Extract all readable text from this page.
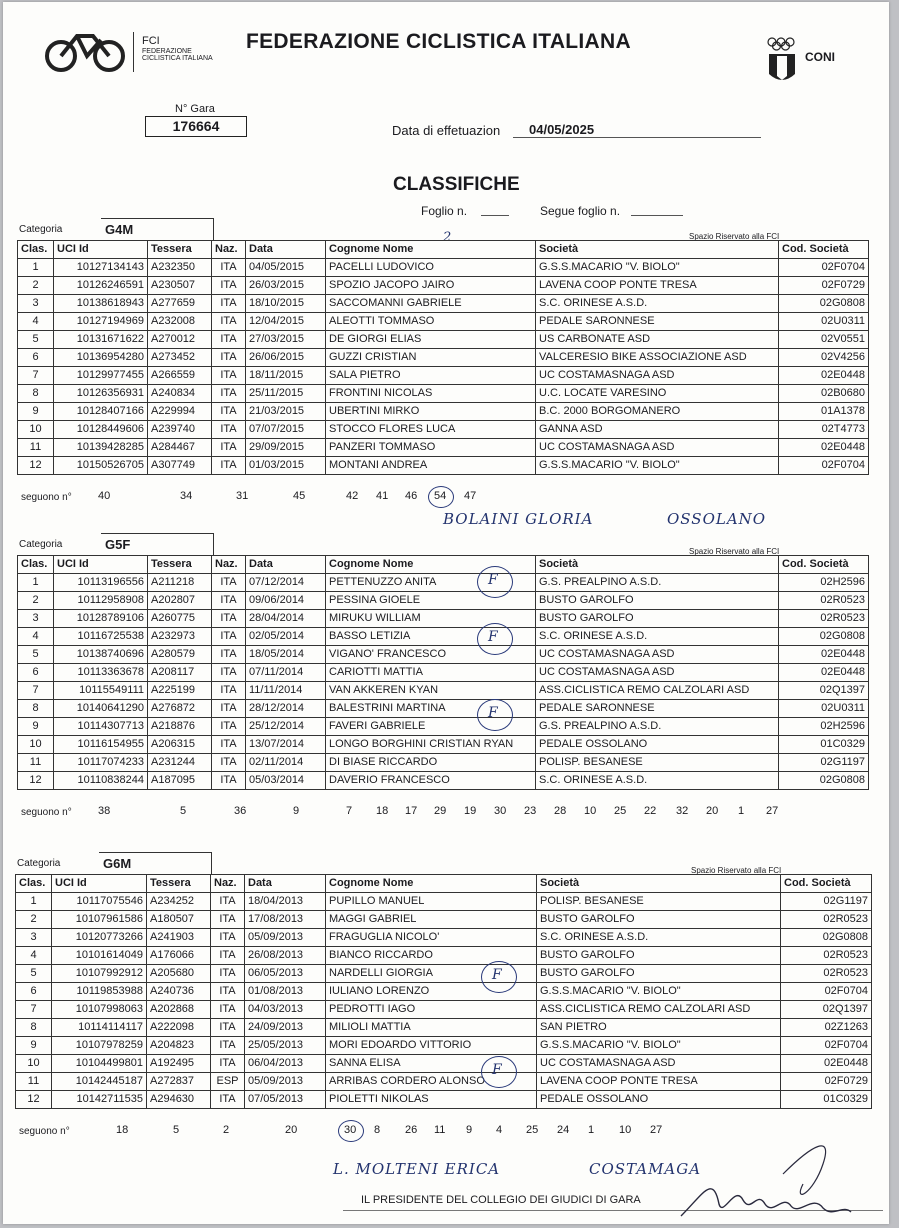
FCI
FEDERAZIONE CICLISTICA ITALIANA
FEDERAZIONE CICLISTICA ITALIANA
CONI
N° Gara
176664	Data di effetuazion	04/05/2025
CLASSIFICHE
Foglio n.	Segue foglio n.
2
Categoria	G4M	Spazio Riservato alla FCI
Clas.	UCI Id	Tessera	Naz.	Data	Cognome Nome	Società	Cod. Società
1	10127134143	A232350	ITA	04/05/2015	PACELLI LUDOVICO	G.S.S.MACARIO "V. BIOLO"	02F0704
2	10126246591	A230507	ITA	26/03/2015	SPOZIO JACOPO JAIRO	LAVENA COOP PONTE TRESA	02F0729
3	10138618943	A277659	ITA	18/10/2015	SACCOMANNI GABRIELE	S.C. ORINESE A.S.D.	02G0808
4	10127194969	A232008	ITA	12/04/2015	ALEOTTI TOMMASO	PEDALE SARONNESE	02U0311
5	10131671622	A270012	ITA	27/03/2015	DE GIORGI ELIAS	US CARBONATE ASD	02V0551
6	10136954280	A273452	ITA	26/06/2015	GUZZI CRISTIAN	VALCERESIO BIKE ASSOCIAZIONE ASD	02V4256
7	10129977455	A266559	ITA	18/11/2015	SALA PIETRO	UC COSTAMASNAGA ASD	02E0448
8	10126356931	A240834	ITA	25/11/2015	FRONTINI NICOLAS	U.C. LOCATE VARESINO	02B0680
9	10128407166	A229994	ITA	21/03/2015	UBERTINI MIRKO	B.C. 2000 BORGOMANERO	01A1378
10	10128449606	A239740	ITA	07/07/2015	STOCCO FLORES LUCA	GANNA ASD	02T4773
11	10139428285	A284467	ITA	29/09/2015	PANZERI TOMMASO	UC COSTAMASNAGA ASD	02E0448
12	10150526705	A307749	ITA	01/03/2015	MONTANI ANDREA	G.S.S.MACARIO "V. BIOLO"	02F0704
seguono n° 40	34	31	45	42 41 46 54 47
BOLAINI GLORIA	OSSOLANO
Categoria	G5F	Spazio Riservato alla FCI
Clas.	UCI Id	Tessera	Naz.	Data	Cognome Nome	Società	Cod. Società
1	10113196556	A211218	ITA	07/12/2014	PETTENUZZO ANITA	G.S. PREALPINO A.S.D.	02H2596
2	10112958908	A202807	ITA	09/06/2014	PESSINA GIOELE	BUSTO GAROLFO	02R0523
3	10128789106	A260775	ITA	28/04/2014	MIRUKU WILLIAM	BUSTO GAROLFO	02R0523
4	10116725538	A232973	ITA	02/05/2014	BASSO LETIZIA	S.C. ORINESE A.S.D.	02G0808
5	10138740696	A280579	ITA	18/05/2014	VIGANO' FRANCESCO	UC COSTAMASNAGA ASD	02E0448
6	10113363678	A208117	ITA	07/11/2014	CARIOTTI MATTIA	UC COSTAMASNAGA ASD	02E0448
7	10115549111	A225199	ITA	11/11/2014	VAN AKKEREN KYAN	ASS.CICLISTICA REMO CALZOLARI ASD	02Q1397
8	10140641290	A276872	ITA	28/12/2014	BALESTRINI MARTINA	PEDALE SARONNESE	02U0311
9	10114307713	A218876	ITA	25/12/2014	FAVERI GABRIELE	G.S. PREALPINO A.S.D.	02H2596
10	10116154955	A206315	ITA	13/07/2014	LONGO BORGHINI CRISTIAN RYAN	PEDALE OSSOLANO	01C0329
11	10117074233	A231244	ITA	02/11/2014	DI BIASE RICCARDO	POLISP. BESANESE	02G1197
12	10110838244	A187095	ITA	05/03/2014	DAVERIO FRANCESCO	S.C. ORINESE A.S.D.	02G0808
seguono n° 38	5	36	9	7 18 17 29 19 30 23 28 10 25 22 32 20 1 27
F
F
F
Categoria	G6M	Spazio Riservato alla FCI
Clas.	UCI Id	Tessera	Naz.	Data	Cognome Nome	Società	Cod. Società
1	10117075546	A234252	ITA	18/04/2013	PUPILLO MANUEL	POLISP. BESANESE	02G1197
2	10107961586	A180507	ITA	17/08/2013	MAGGI GABRIEL	BUSTO GAROLFO	02R0523
3	10120773266	A241903	ITA	05/09/2013	FRAGUGLIA NICOLO'	S.C. ORINESE A.S.D.	02G0808
4	10101614049	A176066	ITA	26/08/2013	BIANCO RICCARDO	BUSTO GAROLFO	02R0523
5	10107992912	A205680	ITA	06/05/2013	NARDELLI GIORGIA	BUSTO GAROLFO	02R0523
6	10119853988	A240736	ITA	01/08/2013	IULIANO LORENZO	G.S.S.MACARIO "V. BIOLO"	02F0704
7	10107998063	A202868	ITA	04/03/2013	PEDROTTI IAGO	ASS.CICLISTICA REMO CALZOLARI ASD	02Q1397
8	10114114117	A222098	ITA	24/09/2013	MILIOLI MATTIA	SAN PIETRO	02Z1263
9	10107978259	A204823	ITA	25/05/2013	MORI EDOARDO VITTORIO	G.S.S.MACARIO "V. BIOLO"	02F0704
10	10104499801	A192495	ITA	06/04/2013	SANNA ELISA	UC COSTAMASNAGA ASD	02E0448
11	10142445187	A272837	ESP	05/09/2013	ARRIBAS CORDERO ALONSO	LAVENA COOP PONTE TRESA	02F0729
12	10142711535	A294630	ITA	07/05/2013	PIOLETTI NIKOLAS	PEDALE OSSOLANO	01C0329
seguono n°	18	5	2	20	30 8 26 11 9 4 25 24 1 10 27
L. MOLTENI ERICA	COSTAMAGA
F
F
IL PRESIDENTE DEL COLLEGIO DEI GIUDICI DI GARA
